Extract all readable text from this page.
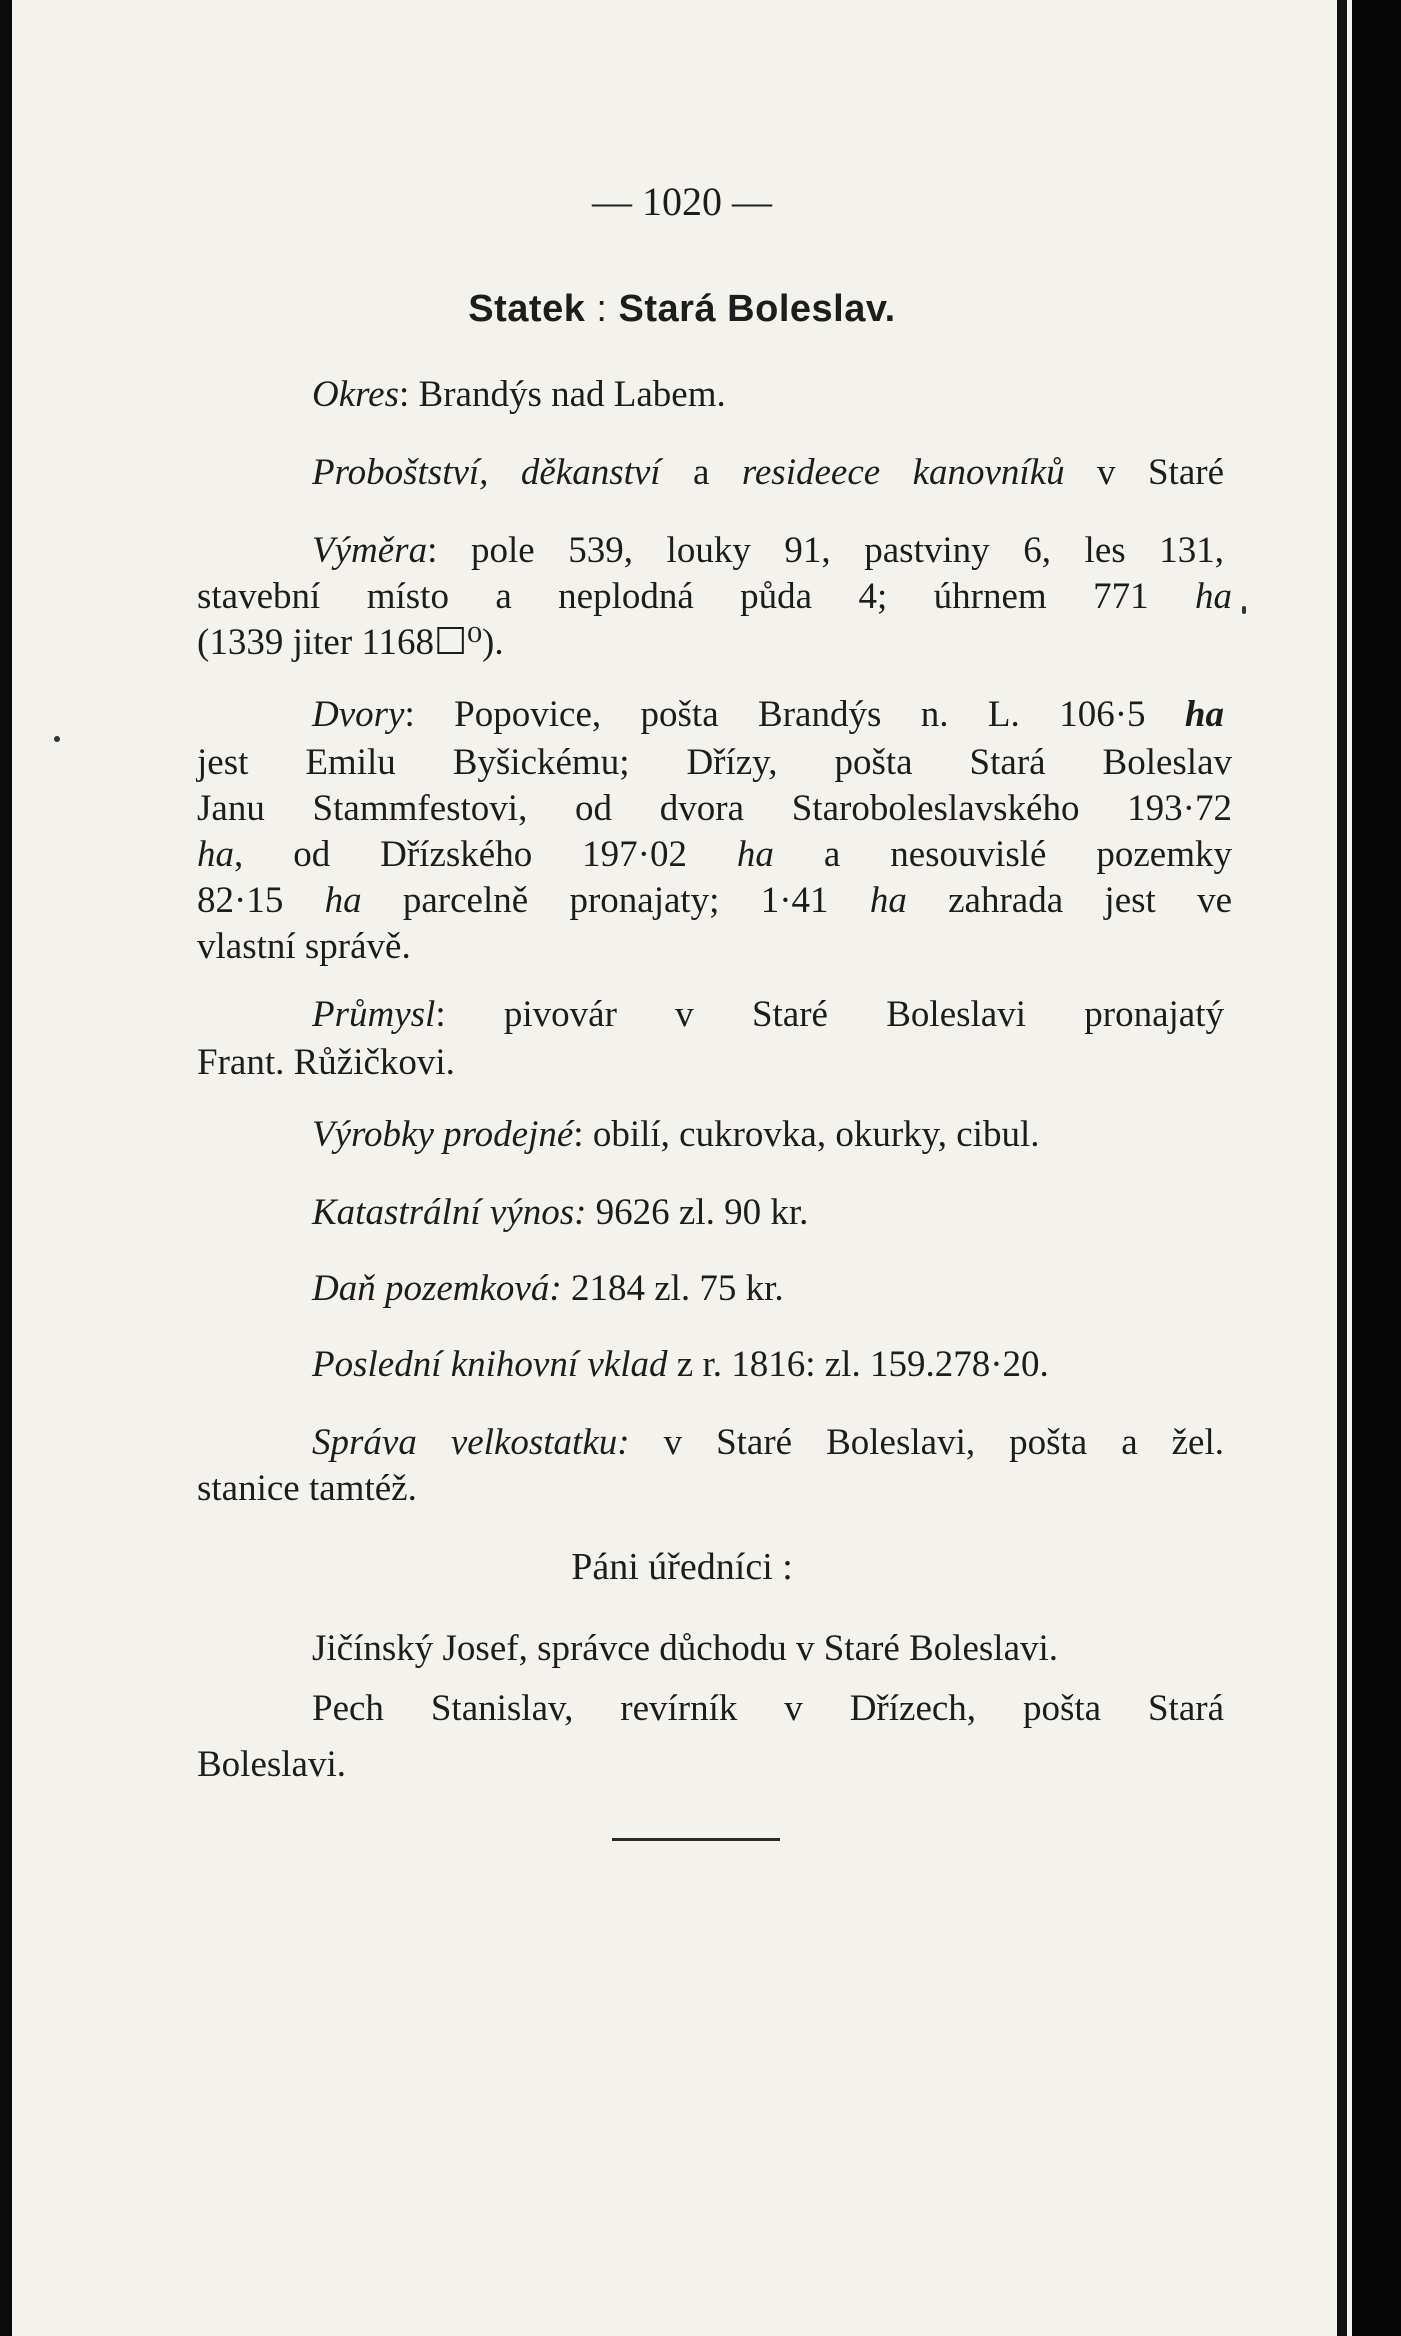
— 1020 —
Statek : Stará Boleslav.
Okres: Brandýs nad Labem.
Proboštství, děkanství a resideece kanovníků v Staré
Výměra: pole 539, louky 91, pastviny 6, les 131,
stavební místo a neplodná půda 4; úhrnem 771 ha
(1339 jiter 1168☐⁰).
Dvory: Popovice, pošta Brandýs n. L. 106·5 ha
jest Emilu Byšickému; Dřízy, pošta Stará Boleslav
Janu Stammfestovi, od dvora Staroboleslavského 193·72
ha, od Dřízského 197·02 ha a nesouvislé pozemky
82·15 ha parcelně pronajaty; 1·41 ha zahrada jest ve
vlastní správě.
Průmysl: pivovár v Staré Boleslavi pronajatý
Frant. Růžičkovi.
Výrobky prodejné: obilí, cukrovka, okurky, cibul.
Katastrální výnos: 9626 zl. 90 kr.
Daň pozemková: 2184 zl. 75 kr.
Poslední knihovní vklad z r. 1816: zl. 159.278·20.
Správa velkostatku: v Staré Boleslavi, pošta a žel.
stanice tamtéž.
Páni úředníci :
Jičínský Josef, správce důchodu v Staré Boleslavi.
Pech Stanislav, revírník v Dřízech, pošta Stará
Boleslavi.
